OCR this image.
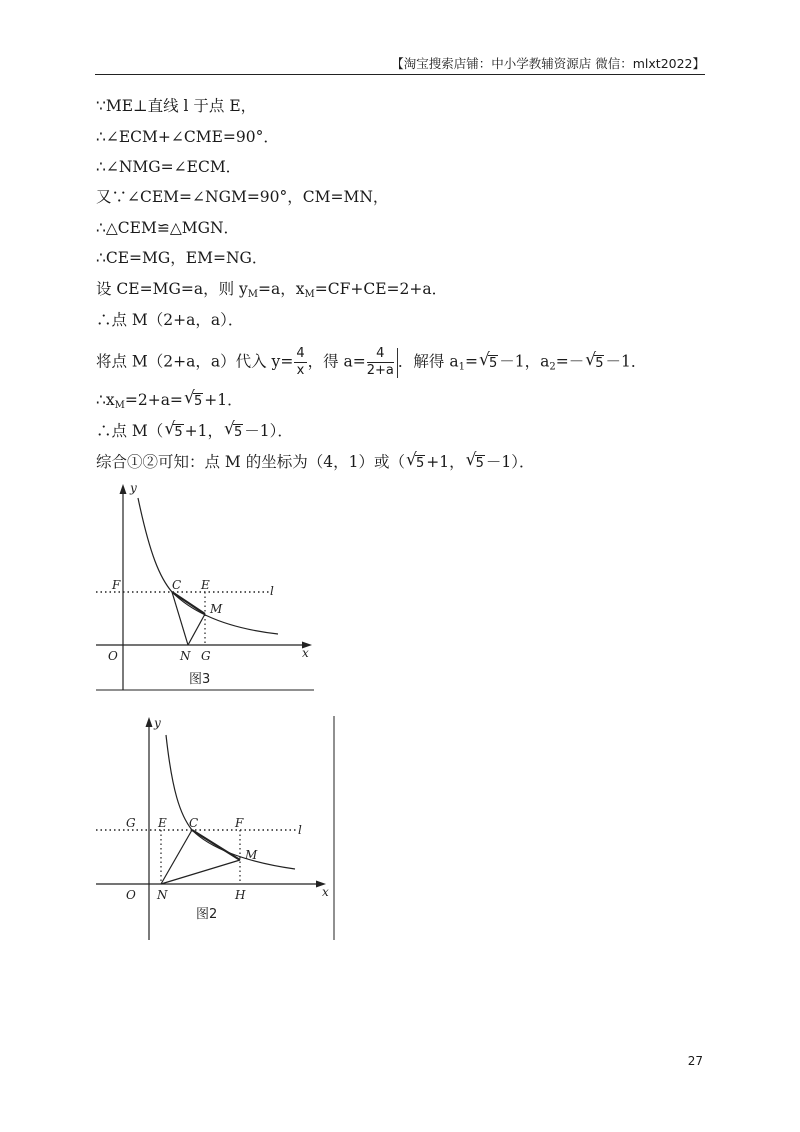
【淘宝搜索店铺：中小学教辅资源店 微信：mlxt2022】
∵ME⊥直线 l 于点 E，
∴∠ECM+∠CME=90°．
∴∠NMG=∠ECM．
又∵∠CEM=∠NGM=90°，CM=MN，
∴△CEM≌△MGN．
∴CE=MG，EM=NG．
设 CE=MG=a，则 $y_M=a$，$x_M=CF+CE=2+a$．
∴点 M（2+a，a）．
将点 M（2+a，a）代入 $y= \frac{4}{x}$ ，得 $a= \frac{4}{2+a}$ ．解得 $a_1=√$ 5 －1，$a_2=-√$ 5 －1．
$\therefore x_M=2+a=√$ 5 +1．
∴点 M（√ 5 +1，√ 5 －1）．
综合①②可知：点 M 的坐标为（4，1）或（√ 5 +1，√ 5 －1）．
y
x
O
F	C E
M
N G
l
图3
y
x
O
G E C	F
M
N	H
l
图2
27
